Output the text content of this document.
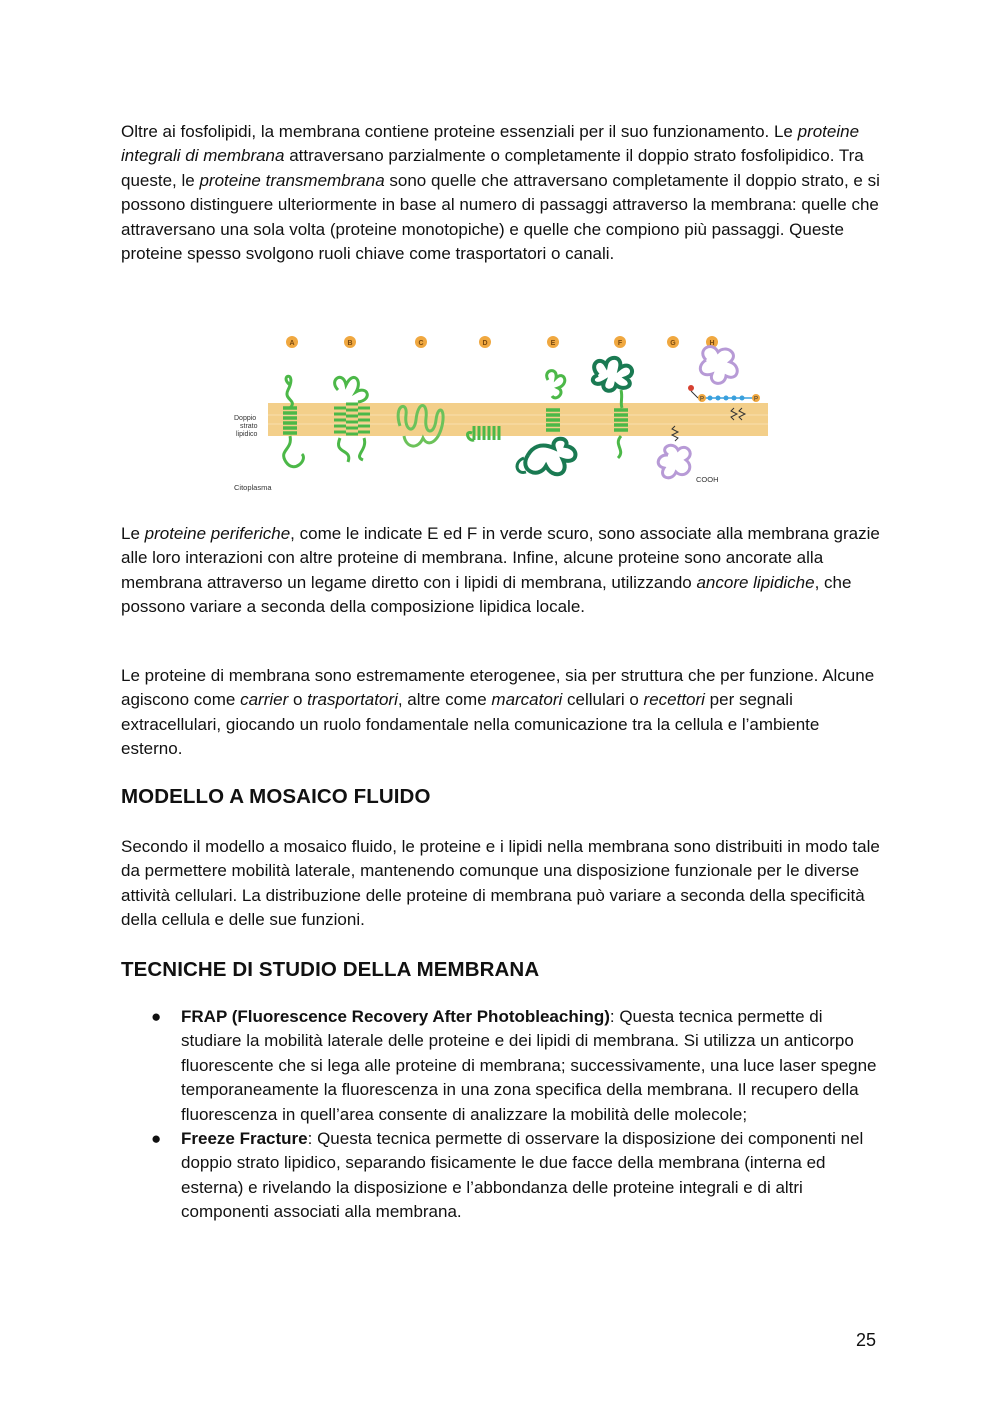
Oltre ai fosfolipidi, la membrana contiene proteine essenziali per il suo funzionamento. Le proteine integrali di membrana attraversano parzialmente o completamente il doppio strato fosfolipidico. Tra queste, le proteine transmembrana sono quelle che attraversano completamente il doppio strato, e si possono distinguere ulteriormente in base al numero di passaggi attraverso la membrana: quelle che attraversano una sola volta (proteine monotopiche) e quelle che compiono più passaggi. Queste proteine spesso svolgono ruoli chiave come trasportatori o canali.

A	B	C	D	E	F	G	H
Doppio
strato
lipidico
Citoplasma
COOH
P	P

Le proteine periferiche, come le indicate E ed F in verde scuro, sono associate alla membrana grazie alle loro interazioni con altre proteine di membrana. Infine, alcune proteine sono ancorate alla membrana attraverso un legame diretto con i lipidi di membrana, utilizzando ancore lipidiche, che possono variare a seconda della composizione lipidica locale.

Le proteine di membrana sono estremamente eterogenee, sia per struttura che per funzione. Alcune agiscono come carrier o trasportatori, altre come marcatori cellulari o recettori per segnali extracellulari, giocando un ruolo fondamentale nella comunicazione tra la cellula e l’ambiente esterno.

MODELLO A MOSAICO FLUIDO

Secondo il modello a mosaico fluido, le proteine e i lipidi nella membrana sono distribuiti in modo tale da permettere mobilità laterale, mantenendo comunque una disposizione funzionale per le diverse attività cellulari. La distribuzione delle proteine di membrana può variare a seconda della specificità della cellula e delle sue funzioni.

TECNICHE DI STUDIO DELLA MEMBRANA
● FRAP (Fluorescence Recovery After Photobleaching): Questa tecnica permette di studiare la mobilità laterale delle proteine e dei lipidi di membrana. Si utilizza un anticorpo fluorescente che si lega alle proteine di membrana; successivamente, una luce laser spegne temporaneamente la fluorescenza in una zona specifica della membrana. Il recupero della fluorescenza in quell’area consente di analizzare la mobilità delle molecole;
● Freeze Fracture: Questa tecnica permette di osservare la disposizione dei componenti nel doppio strato lipidico, separando fisicamente le due facce della membrana (interna ed esterna) e rivelando la disposizione e l’abbondanza delle proteine integrali e di altri componenti associati alla membrana.
25
